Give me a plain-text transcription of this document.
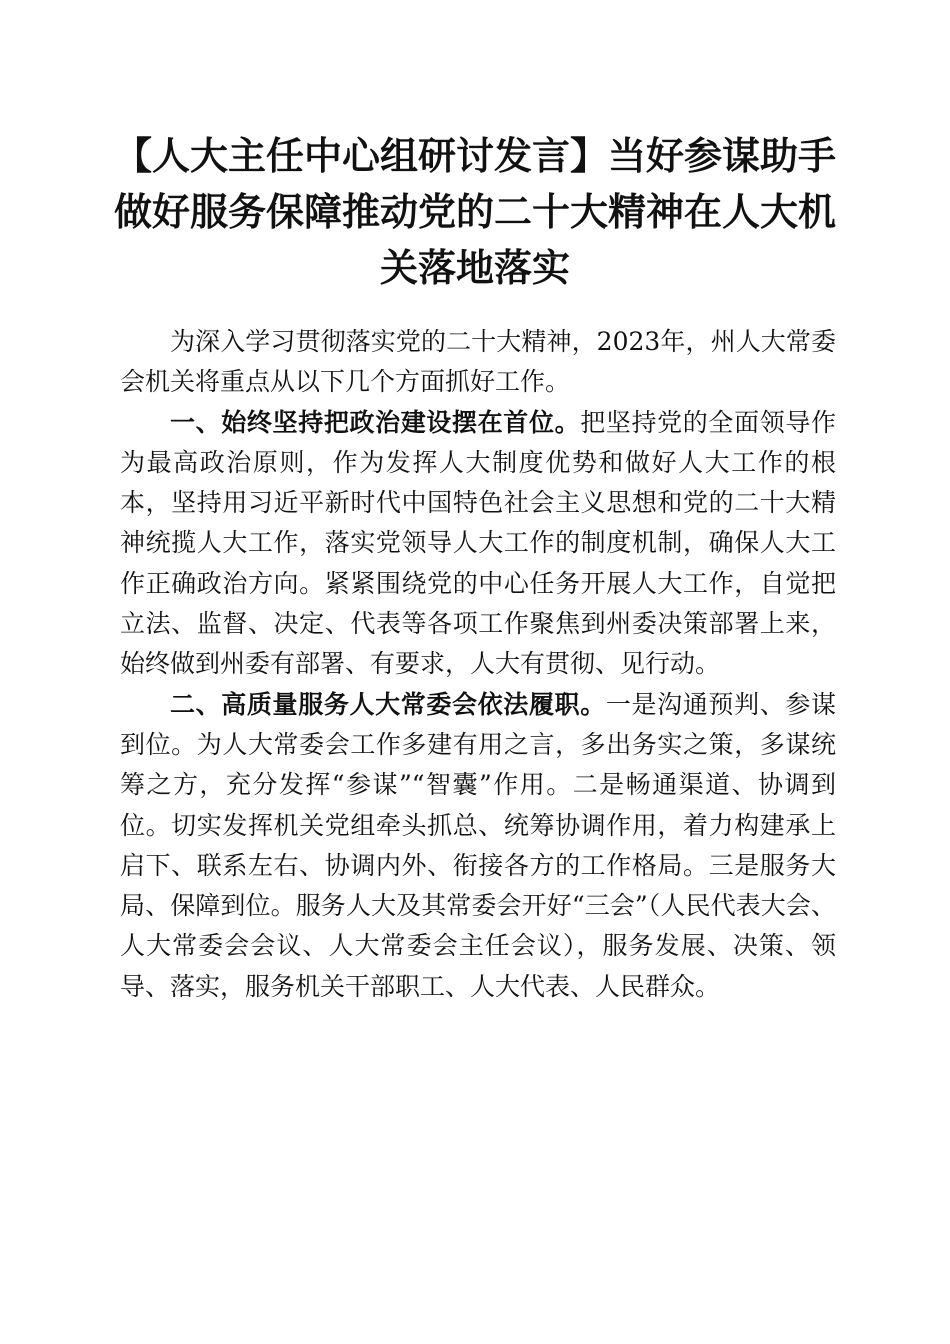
【人大主任中心组研讨发言】当好参谋助手做好服务保障推动党的二十大精神在人大机关落地落实

为深入学习贯彻落实党的二十大精神，2023年，州人大常委会机关将重点从以下几个方面抓好工作。

一、始终坚持把政治建设摆在首位。把坚持党的全面领导作为最高政治原则，作为发挥人大制度优势和做好人大工作的根本，坚持用习近平新时代中国特色社会主义思想和党的二十大精神统揽人大工作，落实党领导人大工作的制度机制，确保人大工作正确政治方向。紧紧围绕党的中心任务开展人大工作，自觉把立法、监督、决定、代表等各项工作聚焦到州委决策部署上来，始终做到州委有部署、有要求，人大有贯彻、见行动。

二、高质量服务人大常委会依法履职。一是沟通预判、参谋到位。为人大常委会工作多建有用之言，多出务实之策，多谋统筹之方，充分发挥“参谋”“智囊”作用。二是畅通渠道、协调到位。切实发挥机关党组牵头抓总、统筹协调作用，着力构建承上启下、联系左右、协调内外、衔接各方的工作格局。三是服务大局、保障到位。服务人大及其常委会开好“三会”（人民代表大会、人大常委会会议、人大常委会主任会议），服务发展、决策、领导、落实，服务机关干部职工、人大代表、人民群众。
